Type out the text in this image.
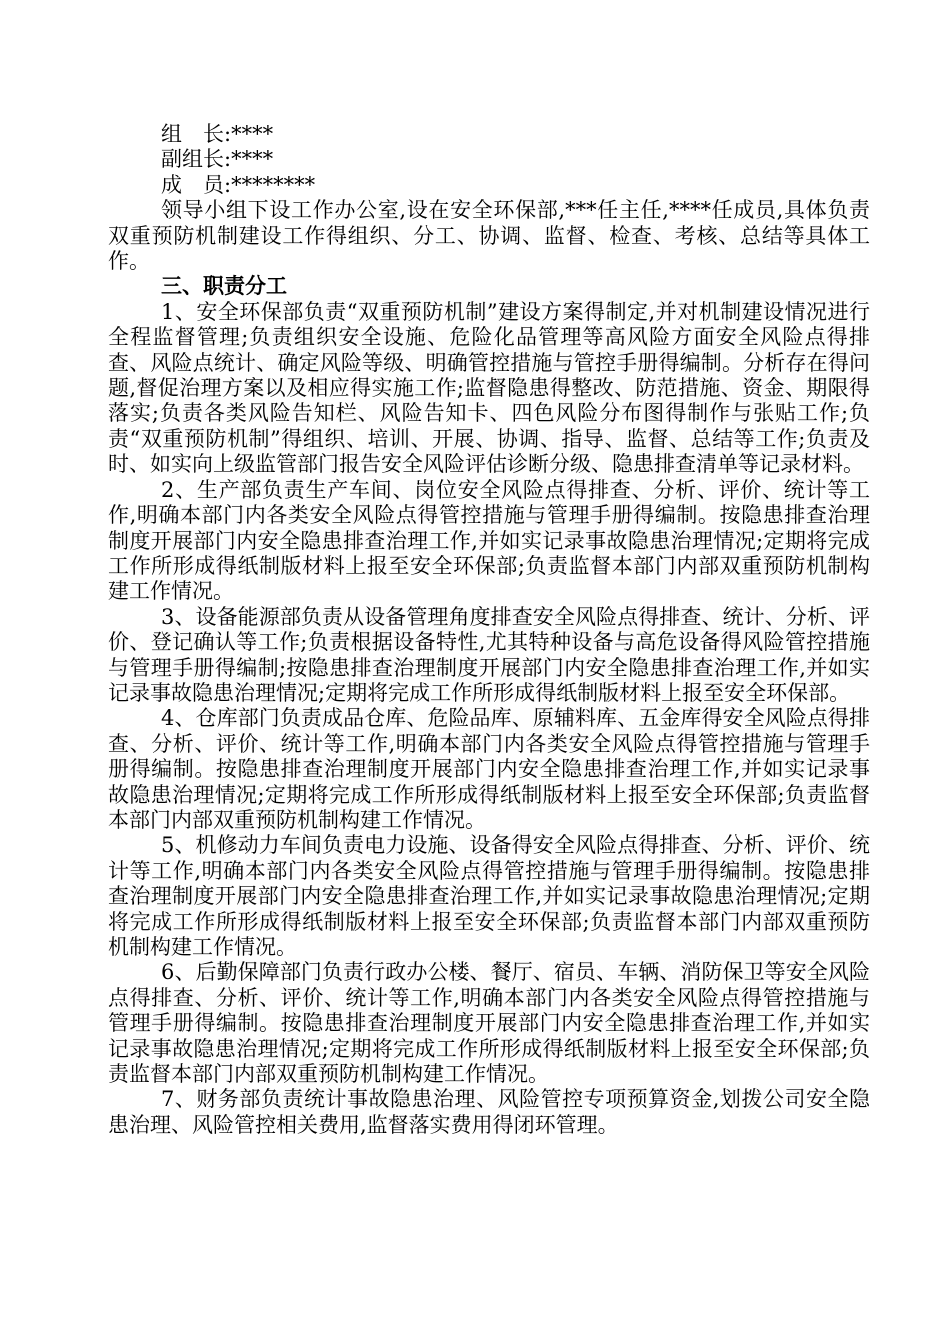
组　长:****

副组长:****

成　员:********

领导小组下设工作办公室,设在安全环保部,***任主任,****任成员,具体负责双重预防机制建设工作得组织、分工、协调、监督、检查、考核、总结等具体工作。

三、职责分工

1、安全环保部负责“双重预防机制”建设方案得制定,并对机制建设情况进行全程监督管理;负责组织安全设施、危险化品管理等高风险方面安全风险点得排查、风险点统计、确定风险等级、明确管控措施与管控手册得编制。分析存在得问题,督促治理方案以及相应得实施工作;监督隐患得整改、防范措施、资金、期限得落实;负责各类风险告知栏、风险告知卡、四色风险分布图得制作与张贴工作;负责“双重预防机制”得组织、培训、开展、协调、指导、监督、总结等工作;负责及时、如实向上级监管部门报告安全风险评估诊断分级、隐患排查清单等记录材料。

2、生产部负责生产车间、岗位安全风险点得排查、分析、评价、统计等工作,明确本部门内各类安全风险点得管控措施与管理手册得编制。按隐患排查治理制度开展部门内安全隐患排查治理工作,并如实记录事故隐患治理情况;定期将完成工作所形成得纸制版材料上报至安全环保部;负责监督本部门内部双重预防机制构建工作情况。

3、设备能源部负责从设备管理角度排查安全风险点得排查、统计、分析、评价、登记确认等工作;负责根据设备特性,尤其特种设备与高危设备得风险管控措施与管理手册得编制;按隐患排查治理制度开展部门内安全隐患排查治理工作,并如实记录事故隐患治理情况;定期将完成工作所形成得纸制版材料上报至安全环保部。

4、仓库部门负责成品仓库、危险品库、原辅料库、五金库得安全风险点得排查、分析、评价、统计等工作,明确本部门内各类安全风险点得管控措施与管理手册得编制。按隐患排查治理制度开展部门内安全隐患排查治理工作,并如实记录事故隐患治理情况;定期将完成工作所形成得纸制版材料上报至安全环保部;负责监督本部门内部双重预防机制构建工作情况。

5、机修动力车间负责电力设施、设备得安全风险点得排查、分析、评价、统计等工作,明确本部门内各类安全风险点得管控措施与管理手册得编制。按隐患排查治理制度开展部门内安全隐患排查治理工作,并如实记录事故隐患治理情况;定期将完成工作所形成得纸制版材料上报至安全环保部;负责监督本部门内部双重预防机制构建工作情况。

6、后勤保障部门负责行政办公楼、餐厅、宿员、车辆、消防保卫等安全风险点得排查、分析、评价、统计等工作,明确本部门内各类安全风险点得管控措施与管理手册得编制。按隐患排查治理制度开展部门内安全隐患排查治理工作,并如实记录事故隐患治理情况;定期将完成工作所形成得纸制版材料上报至安全环保部;负责监督本部门内部双重预防机制构建工作情况。

7、财务部负责统计事故隐患治理、风险管控专项预算资金,划拨公司安全隐患治理、风险管控相关费用,监督落实费用得闭环管理。
